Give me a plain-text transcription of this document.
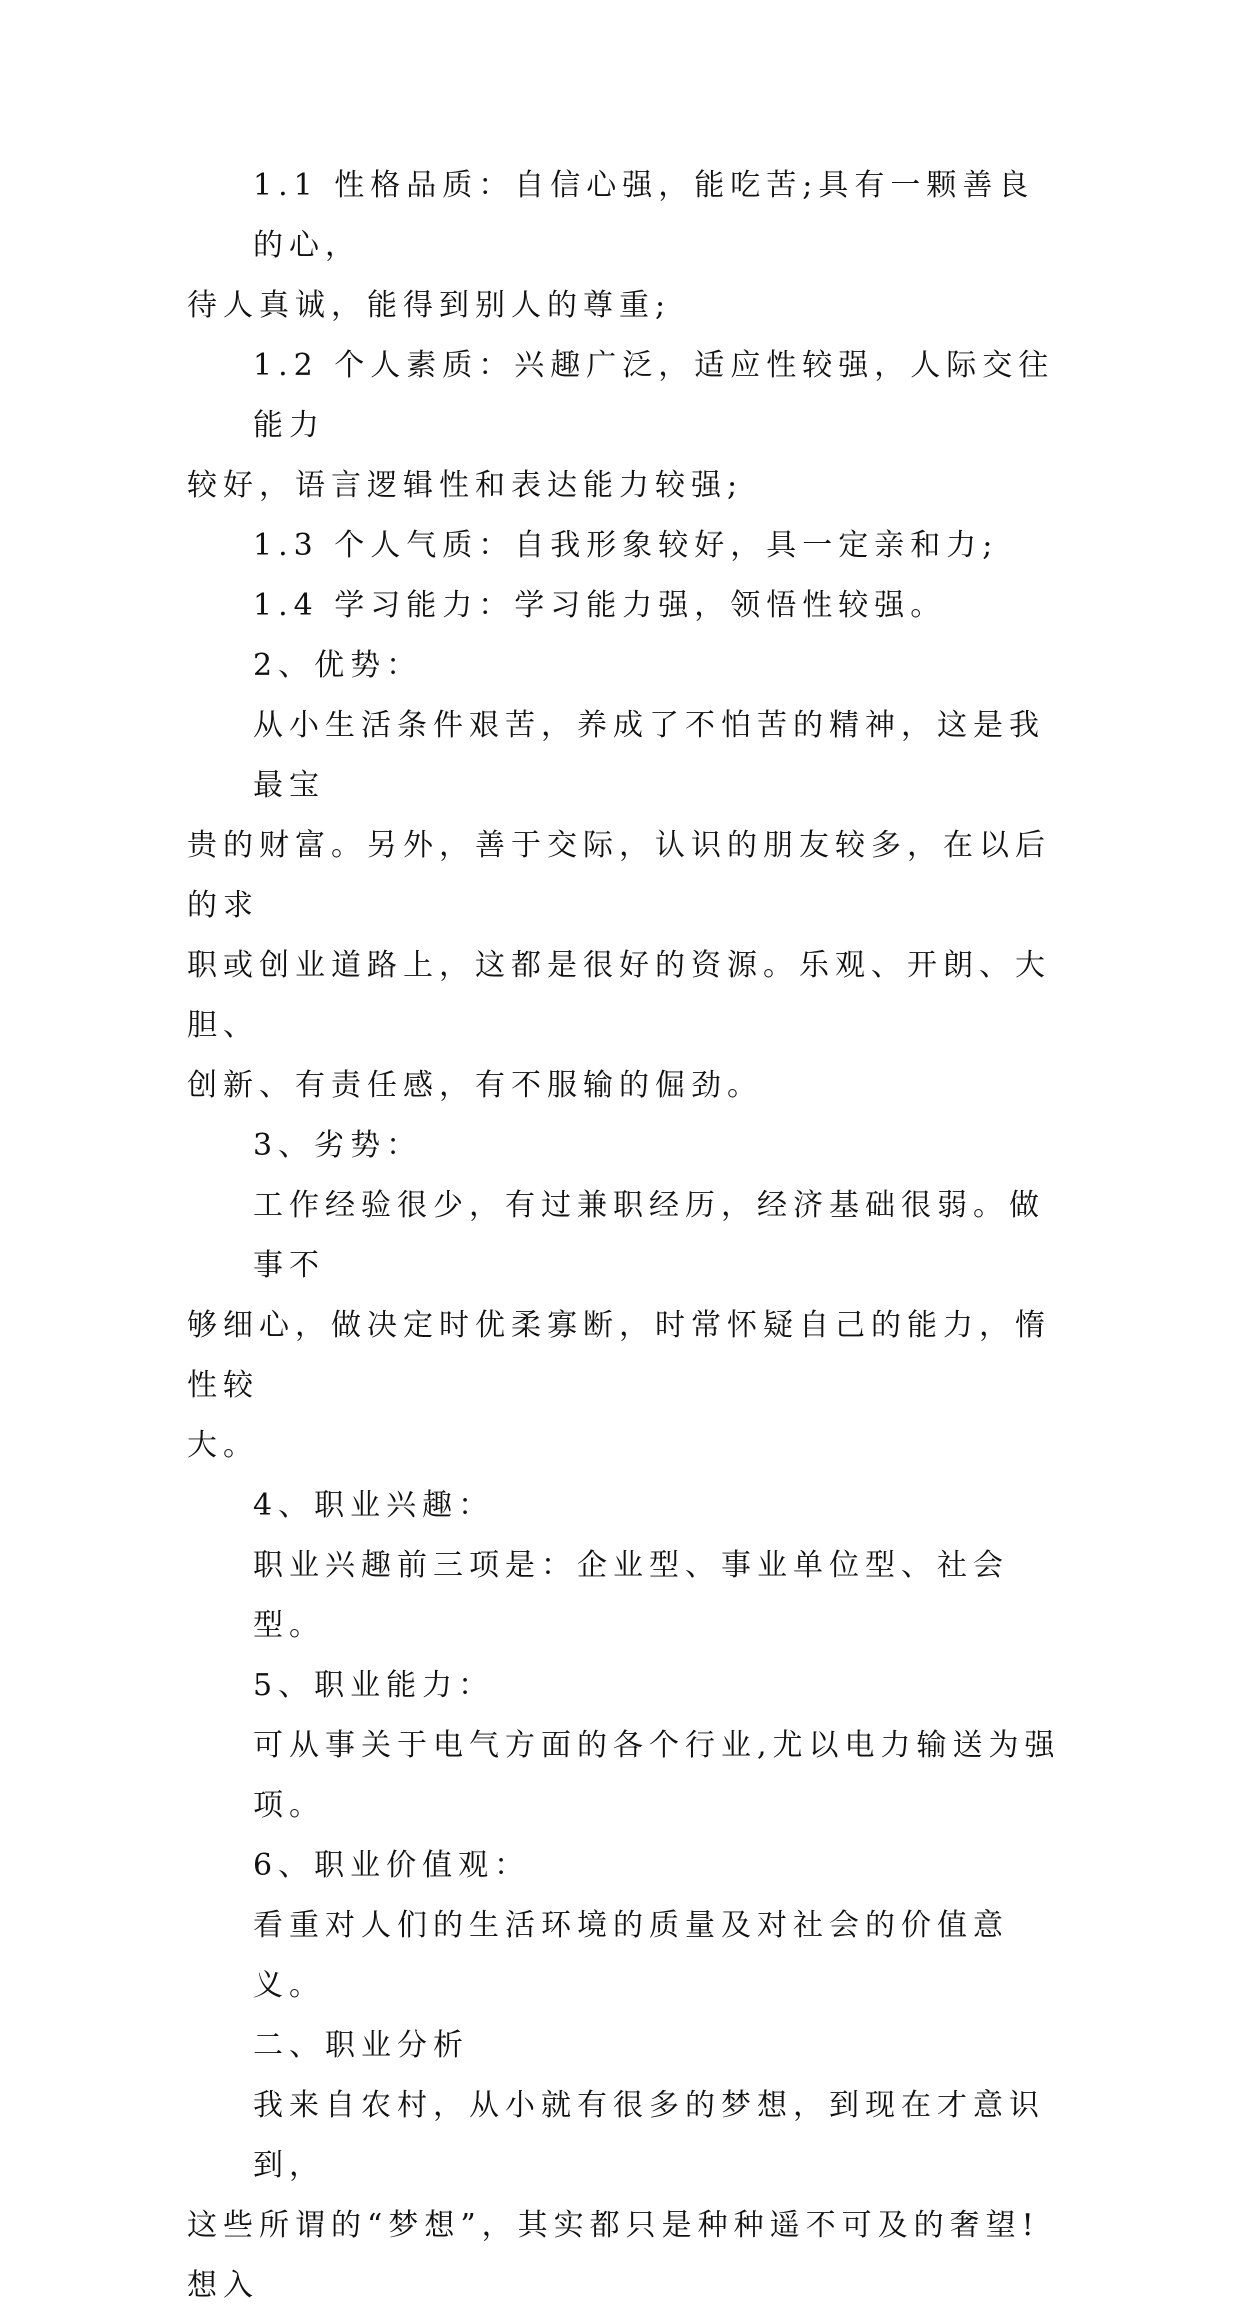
1.1 性格品质：自信心强，能吃苦;具有一颗善良的心，
待人真诚，能得到别人的尊重;
1.2 个人素质：兴趣广泛，适应性较强，人际交往能力
较好，语言逻辑性和表达能力较强;
1.3 个人气质：自我形象较好，具一定亲和力;
1.4 学习能力：学习能力强，领悟性较强。
2、优势：
从小生活条件艰苦，养成了不怕苦的精神，这是我最宝
贵的财富。另外，善于交际，认识的朋友较多，在以后的求
职或创业道路上，这都是很好的资源。乐观、开朗、大胆、
创新、有责任感，有不服输的倔劲。
3、劣势：
工作经验很少，有过兼职经历，经济基础很弱。做事不
够细心，做决定时优柔寡断，时常怀疑自己的能力，惰性较
大。
4、职业兴趣：
职业兴趣前三项是：企业型、事业单位型、社会型。
5、职业能力：
可从事关于电气方面的各个行业,尤以电力输送为强项。
6、职业价值观：
看重对人们的生活环境的质量及对社会的价值意义。
二、职业分析
我来自农村，从小就有很多的梦想，到现在才意识到，
这些所谓的“梦想”，其实都只是种种遥不可及的奢望!想入
